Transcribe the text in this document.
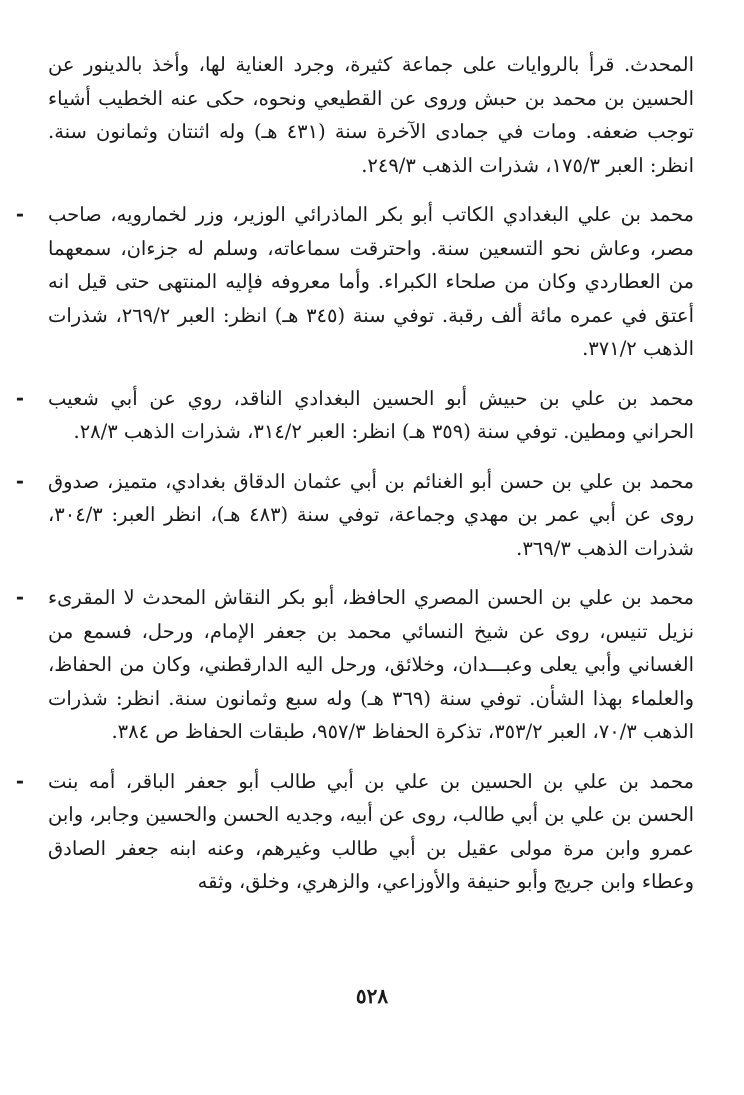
المحدث. قرأ بالروايات على جماعة كثيرة، وجرد العناية لها، وأخذ بالدينور عن الحسين بن محمد بن حبش وروى عن القطيعي ونحوه، حكى عنه الخطيب أشياء توجب ضعفه. ومات في جمادى الآخرة سنة (٤٣١ هـ) وله اثنتان وثمانون سنة. انظر: العبر ١٧٥/٣، شذرات الذهب ٢٤٩/٣.

- محمد بن علي البغدادي الكاتب أبو بكر الماذرائي الوزير، وزر لخمارويه، صاحب مصر، وعاش نحو التسعين سنة. واحترقت سماعاته، وسلم له جزءان، سمعهما من العطاردي وكان من صلحاء الكبراء. وأما معروفه فإليه المنتهى حتى قيل انه أعتق في عمره مائة ألف رقبة. توفي سنة (٣٤٥ هـ) انظر: العبر ٢٦٩/٢، شذرات الذهب ٣٧١/٢.

- محمد بن علي بن حبيش أبو الحسين البغدادي الناقد، روي عن أبي شعيب الحراني ومطين. توفي سنة (٣٥٩ هـ) انظر: العبر ٣١٤/٢، شذرات الذهب ٢٨/٣.

- محمد بن علي بن حسن أبو الغنائم بن أبي عثمان الدقاق بغدادي، متميز، صدوق روى عن أبي عمر بن مهدي وجماعة، توفي سنة (٤٨٣ هـ)، انظر العبر: ٣٠٤/٣، شذرات الذهب ٣٦٩/٣.

- محمد بن علي بن الحسن المصري الحافظ، أبو بكر النقاش المحدث لا المقرىء نزيل تنيس، روى عن شيخ النسائي محمد بن جعفر الإمام، ورحل، فسمع من الغساني وأبي يعلى وعبـــدان، وخلائق، ورحل اليه الدارقطني، وكان من الحفاظ، والعلماء بهذا الشأن. توفي سنة (٣٦٩ هـ) وله سبع وثمانون سنة. انظر: شذرات الذهب ٧٠/٣، العبر ٣٥٣/٢، تذكرة الحفاظ ٩٥٧/٣، طبقات الحفاظ ص ٣٨٤.

- محمد بن علي بن الحسين بن علي بن أبي طالب أبو جعفر الباقر، أمه بنت الحسن بن علي بن أبي طالب، روى عن أبيه، وجديه الحسن والحسين وجابر، وابن عمرو وابن مرة مولى عقيل بن أبي طالب وغيرهم، وعنه ابنه جعفر الصادق وعطاء وابن جريج وأبو حنيفة والأوزاعي، والزهري، وخلق، وثقه

٥٢٨
